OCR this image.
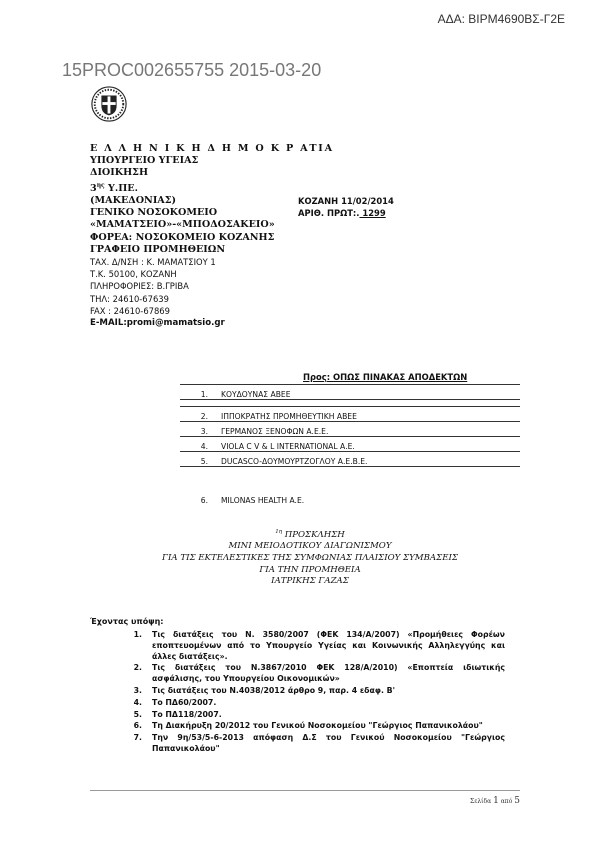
ΑΔΑ: ΒΙΡΜ4690ΒΣ-Γ2Ε
15PROC002655755 2015-03-20
Ε Λ Λ Η Ν Ι Κ Η Δ Η Μ Ο Κ Ρ ΑΤΙΑ
ΥΠΟΥΡΓΕΙΟ ΥΓΕΙΑΣ
ΔΙΟΙΚΗΣΗ
$3^{\eta\varsigma}$ Υ.ΠΕ.
(ΜΑΚΕΔΟΝΙΑΣ)
ΓΕΝΙΚΟ ΝΟΣΟΚΟΜΕΙΟ
«ΜΑΜΑΤΣΕΙΟ»-«ΜΠΟΔΟΣΑΚΕΙΟ»
ΦΟΡΕΑ: ΝΟΣΟΚΟΜΕΙΟ ΚΟΖΑΝΗΣ
ΓΡΑΦΕΙΟ ΠΡΟΜΗΘΕΙΩΝ
ΤΑΧ. Δ/ΝΣΗ : Κ. ΜΑΜΑΤΣΙΟΥ 1
Τ.Κ. 50100, ΚΟΖΑΝΗ
ΠΛΗΡΟΦΟΡΙΕΣ: Β.ΓΡΙΒΑ
ΤΗΛ: 24610-67639
FAX : 24610-67869
E-MAIL:promi@mamatsio.gr
ΚΟΖΑΝΗ 11/02/2014
ΑΡΙΘ. ΠΡΩΤ:. 1299
Προς: ΟΠΩΣ ΠΙΝΑΚΑΣ ΑΠΟΔΕΚΤΩΝ
1.	ΚΟΥΔΟΥΝΑΣ ΑΒΕΕ

2.	ΙΠΠΟΚΡΑΤΗΣ ΠΡΟΜΗΘΕΥΤΙΚΗ ΑΒΕΕ
3.	ΓΕΡΜΑΝΟΣ ΞΕΝΟΦΩΝ Α.Ε.Ε.
4.	VIOLA C V & L INTERNATIONAL Α.Ε.
5.	DUCASCO-ΔΟΥΜΟΥΡΤΖΟΓΛΟΥ Α.Ε.Β.Ε.
6.	MILONAS HEALTH A.E.
$^{1\eta}$ ΠΡΟΣΚΛΗΣΗ
ΜΙΝΙ ΜΕΙΟΔΟΤΙΚΟΥ ΔΙΑΓΩΝΙΣΜΟΥ
ΓΙΑ ΤΙΣ ΕΚΤΕΛΕΣΤΙΚΕΣ ΤΗΣ ΣΥΜΦΩΝΙΑΣ ΠΛΑΙΣΙΟΥ ΣΥΜΒΑΣΕΙΣ
ΓΙΑ ΤΗΝ ΠΡΟΜΗΘΕΙΑ
ΙΑΤΡΙΚΗΣ ΓΑΖΑΣ
Έχοντας υπόψη:
1.	Τις διατάξεις του Ν. 3580/2007 (ΦΕΚ 134/Α/2007) «Προμήθειες Φορέων εποπτευομένων από το Υπουργείο Υγείας και Κοινωνικής Αλληλεγγύης και άλλες διατάξεις».
2.	Τις διατάξεις του Ν.3867/2010 ΦΕΚ 128/Α/2010) «Εποπτεία ιδιωτικής ασφάλισης, του Υπουργείου Οικονομικών»
3.	Τις διατάξεις του Ν.4038/2012 άρθρο 9, παρ. 4 εδαφ. Β'
4.	Το ΠΔ60/2007.
5.	Το ΠΔ118/2007.
6.	Τη Διακήρυξη 20/2012 του Γενικού Νοσοκομείου "Γεώργιος Παπανικολάου"
7.	Την 9η/53/5-6-2013 απόφαση Δ.Σ του Γενικού Νοσοκομείου "Γεώργιος Παπανικολάου"
Σελίδα 1 από 5
